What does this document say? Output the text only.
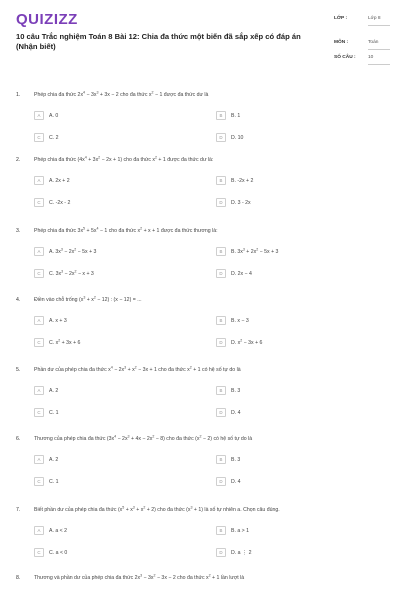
QUIZIZZ
10 câu Trắc nghiệm Toán 8 Bài 12: Chia đa thức một biến đã sắp xếp có đáp án (Nhận biết)
LỚP :	Lớp 8
MÔN :	Toán
SỐ CÂU :	10
1.	Phép chia đa thức $2x^4 - 3x^3 + 3x - 2$ cho đa thức $x^2 - 1$ được đa thức dư là
A	A. 0	B	B. 1
C	C. 2	D	D. 10
2.	Phép chia đa thức $(4x^4 + 3x^2 - 2x + 1)$ cho đa thức $x^2 + 1$ được đa thức dư là:
A	A. 2x + 2	B	B. -2x + 2
C	C. -2x - 2	D	D. 3 - 2x
3.	Phép chia đa thức $3x^5 + 5x^4 - 1$ cho đa thức $x^2 + x + 1$ được đa thức thương là:
A	A. $3x^3 - 2x^2 - 5x + 3$	B	B. $3x^3 + 2x^2 - 5x + 3$
C	C. $3x^3 - 2x^2 - x + 3$	D	D. 2x − 4
4.	Điền vào chỗ trống $(x^3 + x^2 - 12)$ : (x − 12) = ...
A	A. x + 3	B	B. x − 3
C	C. $x^2 + 3x + 6$	D	D. $x^2 - 3x + 6$
5.	Phần dư của phép chia đa thức $x^4 - 2x^3 + x^2 - 3x + 1$ cho đa thức $x^2 + 1$ có hệ số tự do là
A	A. 2	B	B. 3
C	C. 1	D	D. 4
6.	Thương của phép chia đa thức $(3x^4 - 2x^3 + 4x - 2x^2 - 8)$ cho đa thức $(x^2 - 2)$ có hệ số tự do là
A	A. 2	B	B. 3
C	C. 1	D	D. 4
7.	Biết phần dư của phép chia đa thức $(x^5 + x^3 + x^2 + 2)$ cho đa thức $(x^3 + 1)$ là số tự nhiên a. Chọn câu đúng.
A	A. a < 2	B	B. a > 1
C	C. a < 0	D	D. a ⋮ 2
8.	Thương và phần dư của phép chia đa thức $2x^3 - 3x^2 - 3x - 2$ cho đa thức $x^2 + 1$ lần lượt là
